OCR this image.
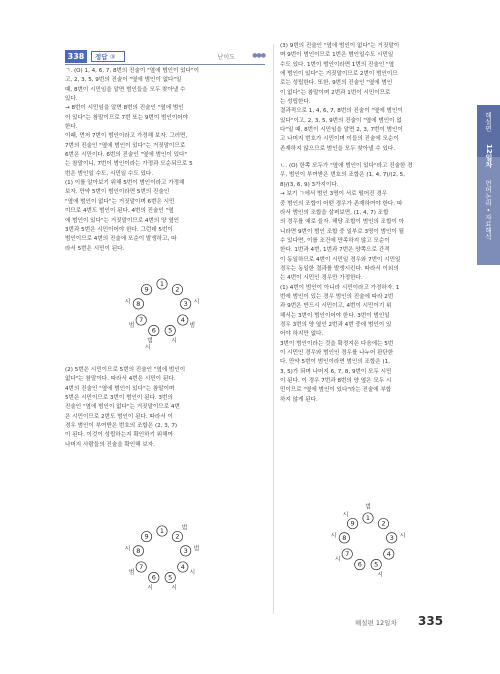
338	정답 ③	난이도	●●●
ㄱ. (O) 1, 4, 6, 7, 8번의 진술이 "옆에 범인이 있다"이
고, 2, 3, 5, 9번의 진술이 "옆에 범인이 없다"일
때, 8번이 시민임을 알면 범인들을 모두 찾아낼 수
있다.
→ 8번이 시민임을 알면 8번의 진술인 "옆에 범인
이 있다"는 참말이므로 7번 또는 9번이 범인이어야
한다.
이때, 먼저 7번이 범인이라고 가정해 보자. 그러면,
7번의 진술인 "옆에 범인이 있다"는 거짓말이므로
6번은 시민이다. 6번의 진술인 "옆에 범인이 있다"
는 참말이니, 7번이 범인이라는 가정과 모순되므로 5
번은 범인일 수도, 시민일 수도 있다.
(1) 이를 알아보기 위해 5번이 범인이라고 가정해
보자. 만약 5번이 범인이라면 5번의 진술인
"옆에 범인이 없다"는 거짓말이며 6번은 시민
이므로 4번도 범인이 된다. 4번의 진술인 "옆
에 범인이 있다"는 거짓말이므로 4번의 양 옆인
3번과 5번은 시민이어야 한다. 그런데 5번이
범인이므로 4번의 진술에 모순이 발생하고, 따
라서 5번은 시민이 된다.
1
2
3 시
4
범
5
시
6
범
시
7
범
8
시
9
(2) 5번은 시민이므로 5번의 진술인 "옆에 범인이
없다"는 참말이다. 따라서 4번은 시민이 된다.
4번의 진술인 "옆에 범인이 있다"는 참말이며
5번은 시민이므로 3번이 범인이 된다. 3번의
진술인 "옆에 범인이 없다"는 거짓말이므로 4번
은 시민이므로 2번도 범인이 된다. 따라서 이
경우 범인이 부여받은 번호의 조합은 (2, 3, 7)
이 된다. 이것이 성립하는지 확인하기 위해여
나머지 사람들의 진술을 확인해 보자.
1
2
범
3 범
4
시
5
시
6
시
7
범
8
시
9
(3) 9번의 진술인 "옆에 범인이 없다"는 거짓말이
며 9번이 범인이므로 1번은 범인일수도 시민일
수도 있다. 1번이 범인이라면 1번의 진술인 "옆
에 범인이 있다"는 거짓말이므로 2번이 범인이므
로는 성립한다. 또한, 9번의 진술인 "옆에 범인
이 없다"는 참말이며 2번과 1번이 시민이므로
는 성립한다.
결과적으로 1, 4, 6, 7, 8번의 진술이 "옆에 범인이
있다"이고, 2, 3, 5, 9번의 진술이 "옆에 범인이 없
다"일 때, 8번이 시민임을 알면 2, 3, 7번이 범인이
고 나머지 번호가 시민이며 이들의 진술에 모순이
존재하지 않으므로 범인을 모두 찾아낼 수 있다.
ㄴ. (O) 한쪽 모두가 "옆에 범인이 있다"라고 진술한 경
우, 범인이 부여받은 번호의 조합은 (1, 4, 7)/(2, 5,
8)/(3, 6, 9) 3가지이다.
→ 보기 ㄱ에서 범인 3명이 서로 떨어진 경우
중 범인의 조합이 어떤 경우가 존재하여야 한다. 따
라서 범인의 조합을 살펴보면, (1, 4, 7) 조합
의 경우를 예로 들자. 해당 조합이 범인의 조합이 아
니라면 9번이 범인 조합 중 일부로 3명이 범인이 될
수 있다면, 이를 조건에 만족하지 않고 모순이
한다. 1번과 4번, 1번과 7번은 양쪽으로 간격
이 동일하므로 4번이 시민일 경우와 7번이 시민일
경우는 동일한 결과를 발생시킨다. 따라서 이외의
는 4번이 시민인 경우만 가정한다.
(1) 4번이 범인이 아니라 시민이라고 가정하자. 1
번에 범인이 있는 경우 범인의 진술에 따라 2번
과 9번은 반드시 시민이고, 4번이 시민이기 위
해서는 3번이 범인이어야 한다. 3번이 범인일
경우 3번의 양 옆인 2번과 4번 중에 범인이 있
어야 하지만 없다.
3번이 범인이라는 것을 확정지은 다음에는 5번
이 시민인 경우와 범인인 경우를 나누어 판단한
다. 만약 5번이 범인이라면 범인의 조합은 (1,
3, 5)가 되며 나머지 6, 7, 8, 9번이 모두 시민
이 된다. 이 경우 7번과 8번의 양 옆은 모두 시
민이므로 "옆에 범인이 있다"라는 진술에 부합
하지 않게 된다.
1
범
2
3 시
4
5
시
6
7
시
8
시
9
시
해설편
12일차
언어논리 • 자료해석
해설편 12일차 335
